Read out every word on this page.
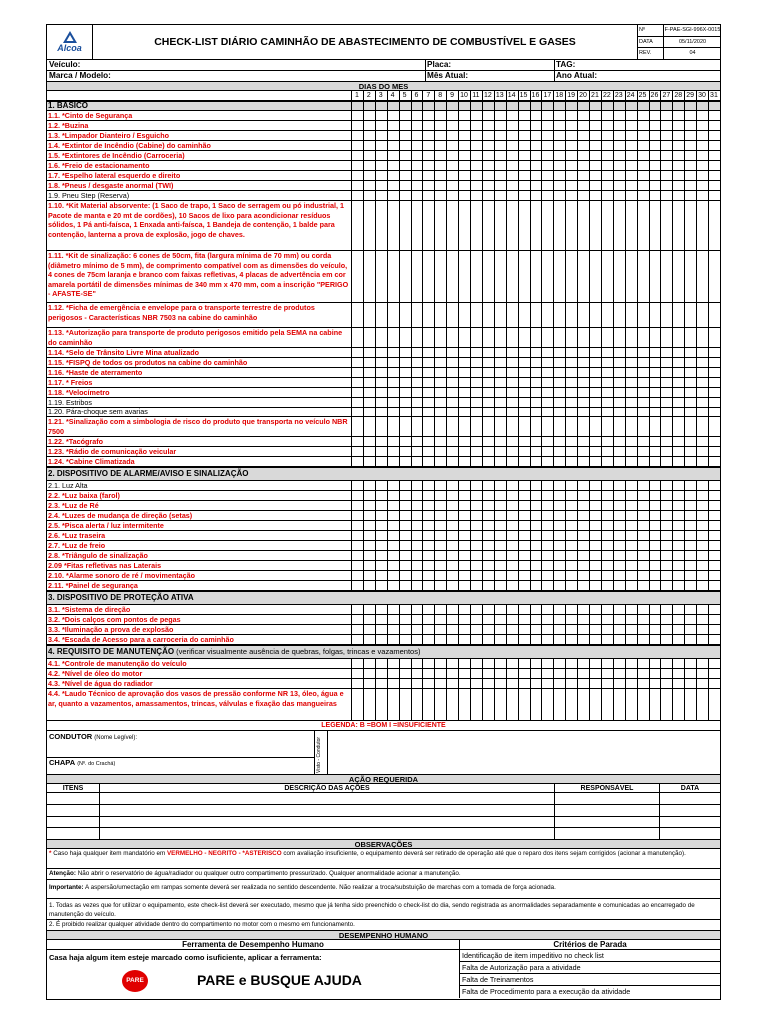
Alcoa	CHECK-LIST DIÁRIO CAMINHÃO DE ABASTECIMENTO DE COMBUSTÍVEL E GASES
Nº	F-PAE-SGI-996X-0015
DATA	05/11/2020
REV.	04
Veículo:	Placa:	TAG:
Marca / Modelo:	Mês Atual:	Ano Atual:
DIAS DO MES
1	2	3	4	5	6	7	8	9 10 11 12 13 14 15 16 17 18 19 20 21 22 23 24 25 26 27 28 29 30 31
1. BÁSICO
1.1. *Cinto de Segurança
1.2. *Buzina
1.3. *Limpador Dianteiro / Esguicho
1.4. *Extintor de Incêndio (Cabine) do caminhão
1.5. *Extintores de Incêndio (Carroceria)
1.6. *Freio de estacionamento
1.7. *Espelho lateral esquerdo e direito
1.8. *Pneus / desgaste anormal (TWI)
1.9. Pneu Step (Reserva)
1.10. *Kit Material absorvente: (1 Saco de trapo, 1 Saco de serragem ou pó industrial, 1 Pacote de manta e 20 mt de cordões), 10 Sacos de lixo para acondicionar resíduos sólidos, 1 Pá anti-faísca, 1 Enxada anti-faísca, 1 Bandeja de contenção, 1 balde para contenção, lanterna a prova de explosão, jogo de chaves.
1.11. *Kit de sinalização: 6 cones de 50cm, fita (largura mínima de 70 mm) ou corda (diâmetro mínimo de 5 mm), de comprimento compatível com as dimensões do veículo, 4 cones de 75cm laranja e branco com faixas refletivas, 4 placas de advertência em cor amarela portátil de dimensões mínimas de 340 mm x 470 mm, com a inscrição "PERIGO - AFASTE-SE"
1.12. *Ficha de emergência e envelope para o transporte terrestre de produtos perigosos - Características NBR 7503 na cabine do caminhão
1.13. *Autorização para transporte de produto perigosos emitido pela SEMA na cabine do caminhão
1.14. *Selo de Trânsito Livre Mina atualizado
1.15. *FISPQ de todos os produtos na cabine do caminhão
1.16. *Haste de aterramento
1.17. * Freios
1.18. *Velocímetro
1.19. Estribos
1.20. Pára-choque sem avarias
1.21. *Sinalização com a simbologia de risco do produto que transporta no veículo NBR 7500
1.22. *Tacógrafo
1.23. *Rádio de comunicação veicular
1.24. *Cabine Climatizada
2. DISPOSITIVO DE ALARME/AVISO E SINALIZAÇÃO
2.1. Luz Alta
2.2. *Luz baixa (farol)
2.3. *Luz de Ré
2.4. *Luzes de mudança de direção (setas)
2.5. *Pisca alerta / luz intermitente
2.6. *Luz traseira
2.7. *Luz de freio
2.8. *Triângulo de sinalização
2.09 *Fitas refletivas nas Laterais
2.10. *Alarme sonoro de ré / movimentação
2.11. *Painel de segurança
3. DISPOSITIVO DE PROTEÇÃO ATIVA
3.1. *Sistema de direção
3.2. *Dois calços com pontos de pegas
3.3. *Iluminação a prova de explosão
3.4. *Escada de Acesso para a carroceria do caminhão
4. REQUISITO DE MANUTENÇÃO (verificar visualmente ausência de quebras, folgas, trincas e vazamentos)
4.1. *Controle de manutenção do veículo
4.2. *Nível de óleo do motor
4.3. *Nível de água do radiador
4.4. *Laudo Técnico de aprovação dos vasos de pressão conforme NR 13, óleo, água e ar, quanto a vazamentos, amassamentos, trincas, válvulas e fixação das mangueiras
LEGENDA: B =BOM I =INSUFICIENTE
CONDUTOR (Nome Legível):
CHAPA (Nº. do Crachá)	Visto - Condutor
AÇÃO REQUERIDA
ITENS	DESCRIÇÃO DAS AÇÕES	RESPONSÁVEL	DATA
OBSERVAÇÕES
* Caso haja qualquer item mandatório em VERMELHO - NEGRITO - *ASTERISCO com avaliação insuficiente, o equipamento deverá ser retirado de operação até que o reparo dos itens sejam corrigidos (acionar a manutenção).
Atenção: Não abrir o reservatório de água/radiador ou qualquer outro compartimento pressurizado. Qualquer anormalidade acionar a manutenção.
Importante: A aspersão/umectação em rampas somente deverá ser realizada no sentido descendente. Não realizar a troca/substuição de marchas com a tomada de força acionada.
1. Todas as vezes que for utilizar o equipamento, este check-list deverá ser executado, mesmo que já tenha sido preenchido o check-list do dia, sendo registrada as anormalidades separadamente e comunicadas ao encarregado de manutenção do veículo.
2. É proibido realizar qualquer atividade dentro do compartimento no motor com o mesmo em funcionamento.
DESEMPENHO HUMANO
Ferramenta de Desempenho Humano	Critérios de Parada
Casa haja algum item esteje marcado como isuficiente, aplicar a ferramenta:
PARE	PARE e BUSQUE AJUDA
Identificação de item impeditivo no check list
Falta de Autorização para a atividade
Falta de Treinamentos
Falta de Procedimento para a execução da atividade
